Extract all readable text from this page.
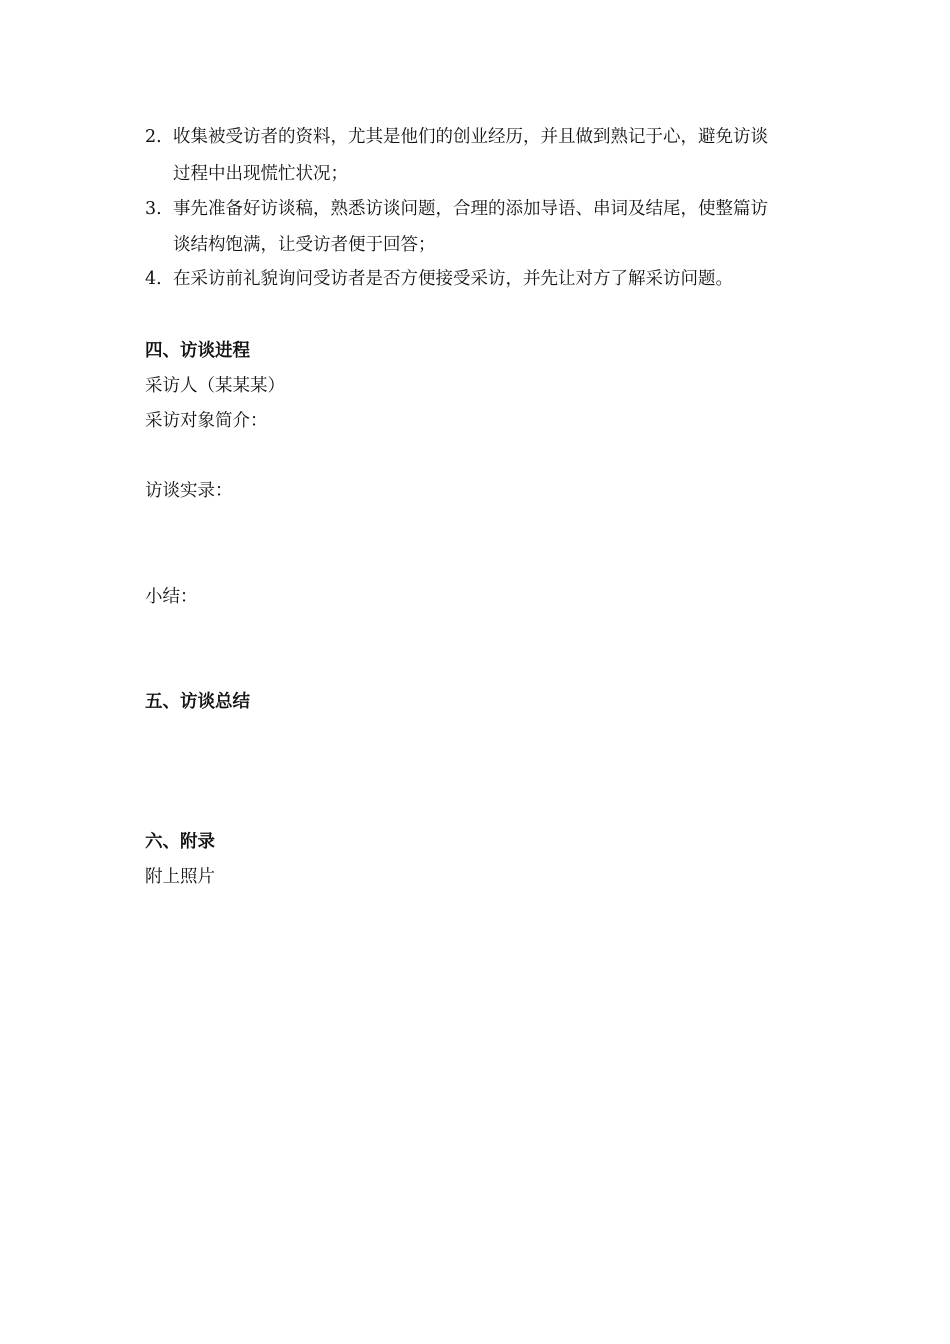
2. 收集被受访者的资料，尤其是他们的创业经历，并且做到熟记于心，避免访谈
过程中出现慌忙状况；
3. 事先准备好访谈稿，熟悉访谈问题，合理的添加导语、串词及结尾，使整篇访
谈结构饱满，让受访者便于回答；
4. 在采访前礼貌询问受访者是否方便接受采访，并先让对方了解采访问题。
四、访谈进程
采访人（某某某）
采访对象简介：
访谈实录：
小结：
五、访谈总结
六、附录
附上照片
